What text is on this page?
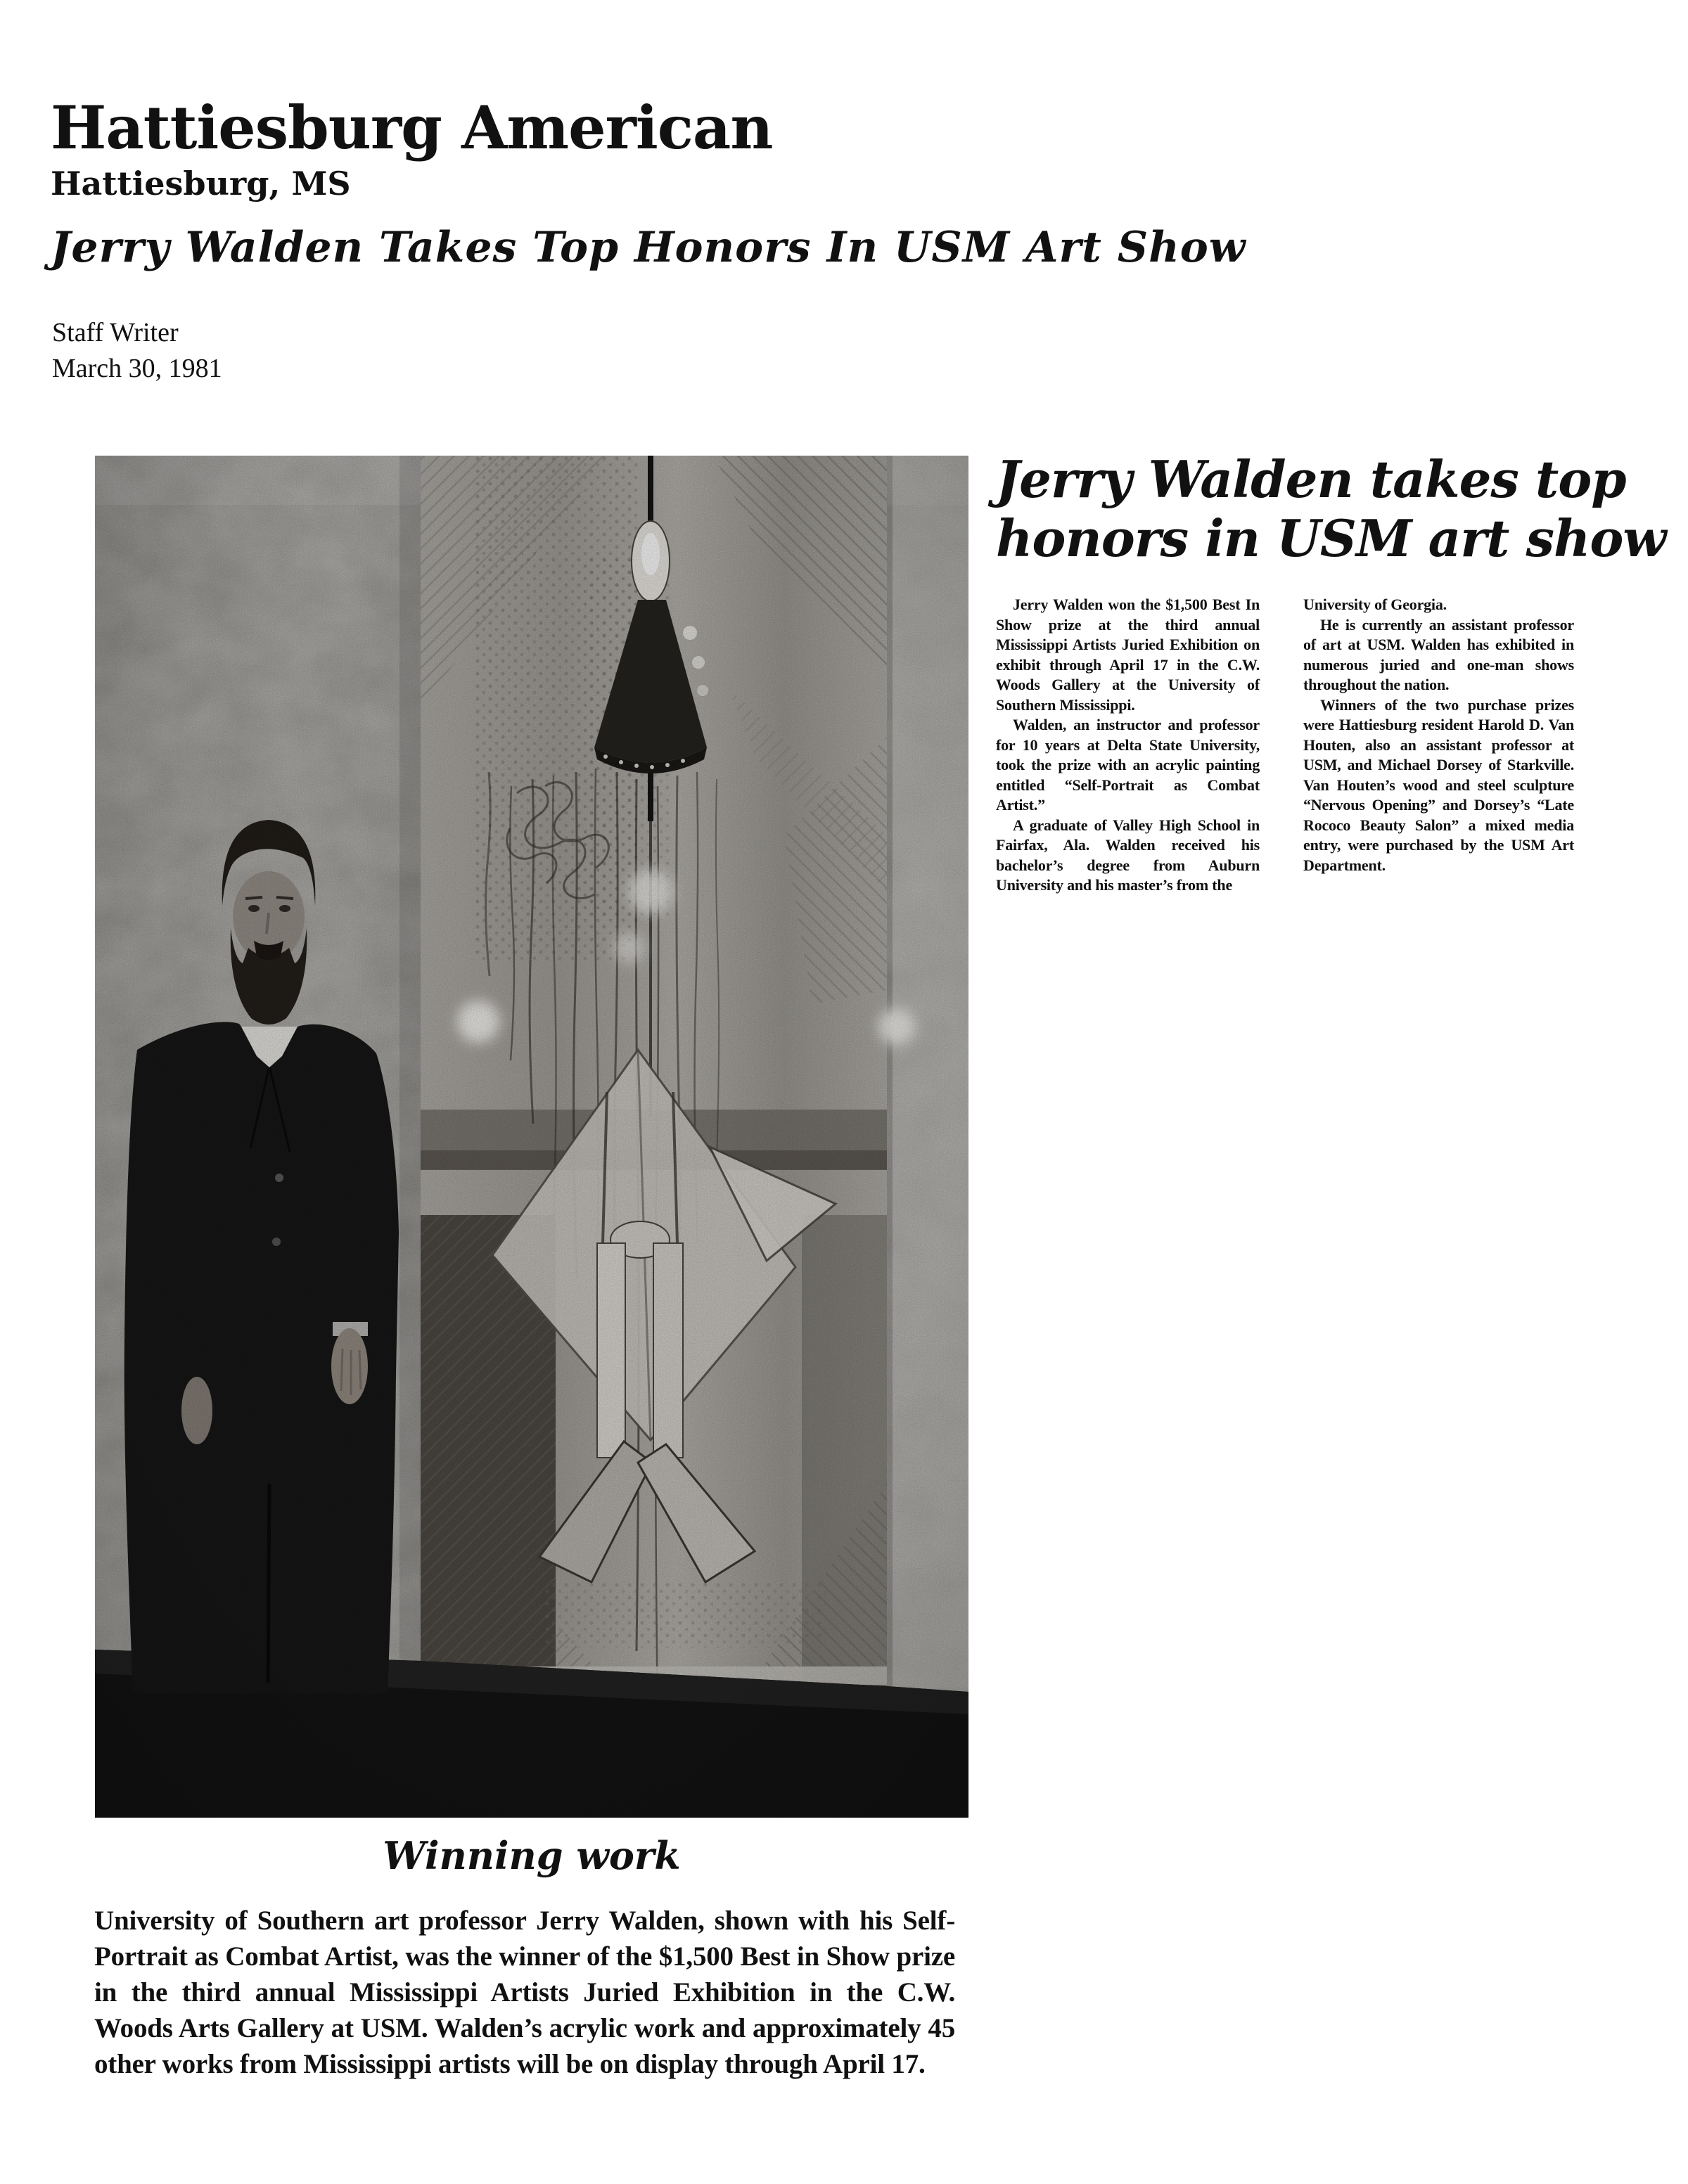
Hattiesburg American
Hattiesburg, MS
Jerry Walden Takes Top Honors In USM Art Show
Staff Writer
March 30, 1981
Jerry Walden takes top
honors in USM art show

Jerry Walden won the $1,500 Best In Show prize at the third annual Mississippi Artists Juried Exhibition on exhibit through April 17 in the C.W. Woods Gallery at the University of Southern Mississippi.

Walden, an instructor and professor for 10 years at Delta State University, took the prize with an acrylic painting entitled “Self-Portrait as Combat Artist.”

A graduate of Valley High School in Fairfax, Ala. Walden received his bachelor’s degree from Auburn University and his master’s from the

University of Georgia.

He is currently an assistant professor of art at USM. Walden has exhibited in numerous juried and one-man shows throughout the nation.

Winners of the two purchase prizes were Hattiesburg resident Harold D. Van Houten, also an assistant professor at USM, and Michael Dorsey of Starkville. Van Houten’s wood and steel sculpture “Nervous Opening” and Dorsey’s “Late Rococo Beauty Salon” a mixed media entry, were purchased by the USM Art Department.

Winning work
University of Southern art professor Jerry Walden, shown with his Self-Portrait as Combat Artist, was the winner of the $1,500 Best in Show prize in the third annual Mississippi Artists Juried Exhibition in the C.W. Woods Arts Gallery at USM. Walden’s acrylic work and approximately 45 other works from Mississippi artists will be on display through April 17.
